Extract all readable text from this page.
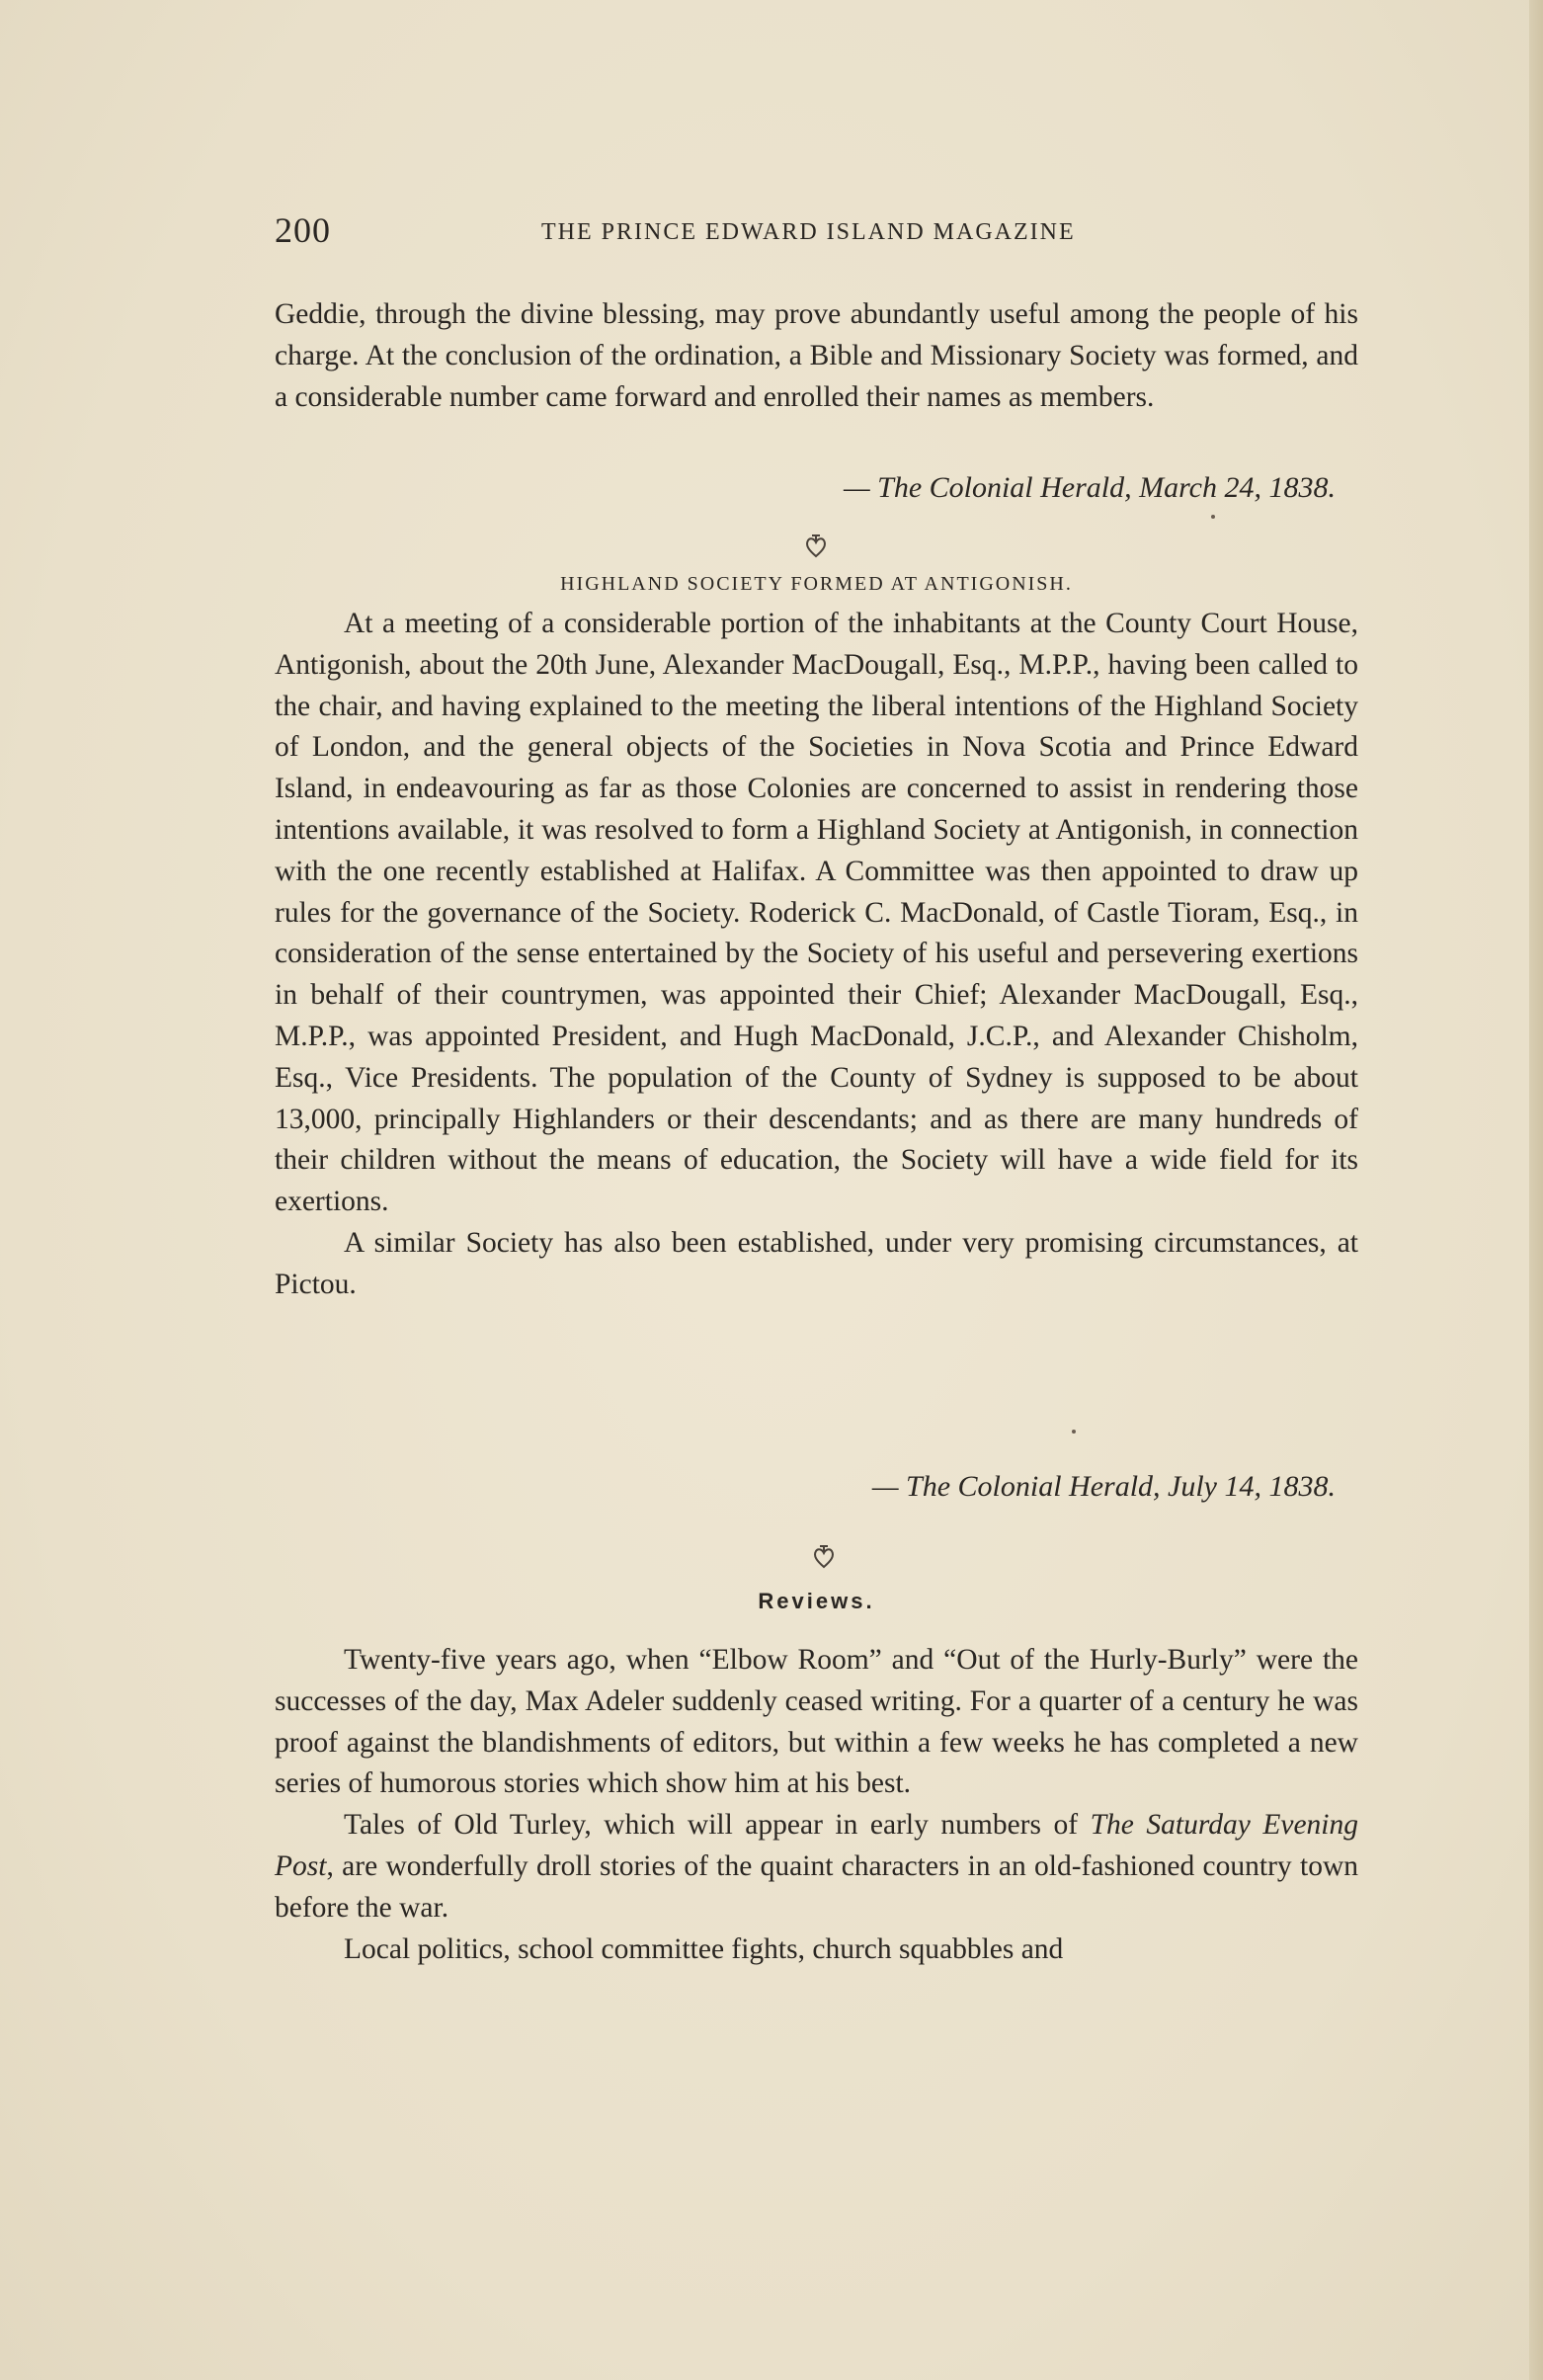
200	THE PRINCE EDWARD ISLAND MAGAZINE

Geddie, through the divine blessing, may prove abundantly useful among the people of his charge. At the conclusion of the ordination, a Bible and Missionary Society was formed, and a considerable number came forward and enrolled their names as members.

— The Colonial Herald, March 24, 1838.
HIGHLAND SOCIETY FORMED AT ANTIGONISH.

At a meeting of a considerable portion of the inhabitants at the County Court House, Antigonish, about the 20th June, Alexander MacDougall, Esq., M.P.P., having been called to the chair, and having explained to the meeting the liberal intentions of the Highland Society of London, and the general objects of the Societies in Nova Scotia and Prince Edward Island, in endeavouring as far as those Colonies are concerned to assist in rendering those intentions available, it was resolved to form a Highland Society at Antigonish, in connection with the one recently established at Halifax. A Committee was then appointed to draw up rules for the governance of the Society. Roderick C. MacDonald, of Castle Tioram, Esq., in consideration of the sense entertained by the Society of his useful and persevering exertions in behalf of their countrymen, was appointed their Chief; Alexander MacDougall, Esq., M.P.P., was appointed President, and Hugh MacDonald, J.C.P., and Alexander Chisholm, Esq., Vice Presidents. The population of the County of Sydney is supposed to be about 13,000, principally Highlanders or their descendants; and as there are many hundreds of their children without the means of education, the Society will have a wide field for its exertions.

A similar Society has also been established, under very promising circumstances, at Pictou.

— The Colonial Herald, July 14, 1838.
Reviews.

Twenty-five years ago, when “Elbow Room” and “Out of the Hurly-Burly” were the successes of the day, Max Adeler suddenly ceased writing. For a quarter of a century he was proof against the blandishments of editors, but within a few weeks he has completed a new series of humorous stories which show him at his best.

Tales of Old Turley, which will appear in early numbers of The Saturday Evening Post, are wonderfully droll stories of the quaint characters in an old-fashioned country town before the war.

Local politics, school committee fights, church squabbles and
